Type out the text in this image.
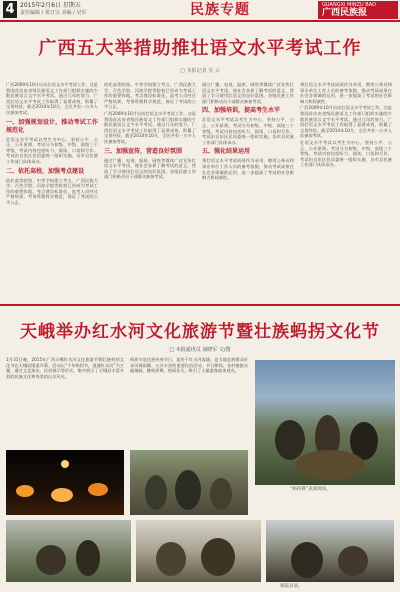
4 2015年2月6日 星期五
责任编辑 / 黄日宝 美编 / 吴军	民族专题	GUANGXI MINZU BAO
广西民族报
广西五大举措助推壮语文水平考试工作
□ 本报记者 吴 云

广西2009年10月启动壮语文水平考试工作，这是我国首次由省级民族语文工作部门组织实施的少数民族语言文字水平考试。通过几年的努力，广西壮语文水平考试工作取得了显著成效，积累了宝贵经验。截至2014年10月，全区共有一万多人次参加考试。

一、加强规划设计，推动考试工作规范化

壮语文水平考试以考生为中心，坚持公平、公正、公开原则。考试分为初级、中级、高级三个等级，考试内容包括听力、阅读、口语和写作。考试由自治区民语委统一组织实施，各市县民族工作部门具体承办。

二、依托高校，加强考点建设

依托高等院校、中等学校建立考点，广西民族大学、百色学院、河池学院等院校已经成为考试工作的重要阵地。考点建设标准化，监考人员经过严格培训，考务管理科学规范，保证了考试的公平公正。

依托高等院校、中等学校建立考点，广西民族大学、百色学院、河池学院等院校已经成为考试工作的重要阵地。考点建设标准化，监考人员经过严格培训，考务管理科学规范，保证了考试的公平公正。

广西2009年10月启动壮语文水平考试工作，这是我国首次由省级民族语文工作部门组织实施的少数民族语言文字水平考试。通过几年的努力，广西壮语文水平考试工作取得了显著成效，积累了宝贵经验。截至2014年10月，全区共有一万多人次参加考试。

三、加强宣传，营造良好氛围

通过广播、电视、报纸、网络等媒体广泛宣传壮语文水平考试，使社会各界了解考试的意义，营造了学习使用壮语文的良好氛围。各级民族工作部门积极动员干部群众参加考试。

通过广播、电视、报纸、网络等媒体广泛宣传壮语文水平考试，使社会各界了解考试的意义，营造了学习使用壮语文的良好氛围。各级民族工作部门积极动员干部群众参加考试。

四、加强培训，提高考生水平

壮语文水平考试以考生为中心，坚持公平、公正、公开原则。考试分为初级、中级、高级三个等级，考试内容包括听力、阅读、口语和写作。考试由自治区民语委统一组织实施，各市县民族工作部门具体承办。

五、强化结果运用

将壮语文水平考试成绩作为录用、聘用公务员和事业单位工作人员的参考依据，推动考试成果在社会各领域的运用，进一步提高了考试的社会影响力和权威性。

将壮语文水平考试成绩作为录用、聘用公务员和事业单位工作人员的参考依据，推动考试成果在社会各领域的运用，进一步提高了考试的社会影响力和权威性。

广西2009年10月启动壮语文水平考试工作，这是我国首次由省级民族语文工作部门组织实施的少数民族语言文字水平考试。通过几年的努力，广西壮语文水平考试工作取得了显著成效，积累了宝贵经验。截至2014年10月，全区共有一万多人次参加考试。

壮语文水平考试以考生为中心，坚持公平、公正、公开原则。考试分为初级、中级、高级三个等级，考试内容包括听力、阅读、口语和写作。考试由自治区民语委统一组织实施，各市县民族工作部门具体承办。

天峨举办红水河文化旅游节暨壮族蚂拐文化节
□ 本报通讯员 刘晓军 文/图

1月31日晚，2015年广西天峨红水河文化旅游节暨壮族蚂拐文化节在天峨县隆重开幕。活动以“千年蚂拐节，浪漫红水河”为主题，通过文艺演出、民俗展示等形式，集中展示了天峨县丰富多彩的民族文化和秀美的山水风光。

蚂拐节是壮族传统节日，流传于红水河流域，是当地壮族群众祈求风调雨顺、五谷丰登的重要民俗活动。节日期间，各村寨群众敲铜鼓、跳蚂拐舞，热闹非凡，吸引了大量游客前来观光。

“蚂拐舞”表演现场。
铜鼓表演。
